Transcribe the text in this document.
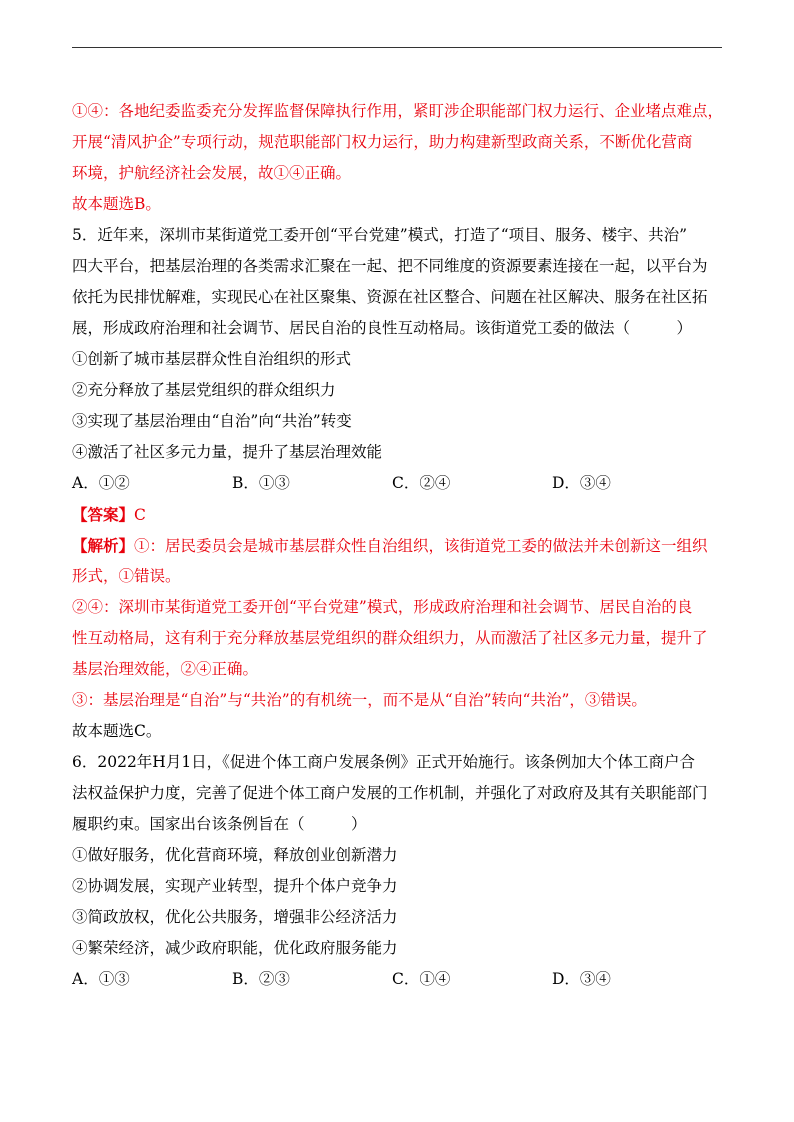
①④：各地纪委监委充分发挥监督保障执行作用，紧盯涉企职能部门权力运行、企业堵点难点，
开展“清风护企”专项行动，规范职能部门权力运行，助力构建新型政商关系，不断优化营商
环境，护航经济社会发展，故①④正确。
故本题选B。
5．近年来，深圳市某街道党工委开创“平台党建”模式，打造了“项目、服务、楼宇、共治”
四大平台，把基层治理的各类需求汇聚在一起、把不同维度的资源要素连接在一起，以平台为
依托为民排忧解难，实现民心在社区聚集、资源在社区整合、问题在社区解决、服务在社区拓
展，形成政府治理和社会调节、居民自治的良性互动格局。该街道党工委的做法（　　　）
①创新了城市基层群众性自治组织的形式
②充分释放了基层党组织的群众组织力
③实现了基层治理由“自治”向“共治”转变
④激活了社区多元力量，提升了基层治理效能
A．①②	B．①③	C．②④	D．③④
【答案】C
【解析】①：居民委员会是城市基层群众性自治组织，该街道党工委的做法并未创新这一组织
形式，①错误。
②④：深圳市某街道党工委开创“平台党建”模式，形成政府治理和社会调节、居民自治的良
性互动格局，这有利于充分释放基层党组织的群众组织力，从而激活了社区多元力量，提升了
基层治理效能，②④正确。
③：基层治理是“自治”与“共治”的有机统一，而不是从“自治”转向“共治”，③错误。
故本题选C。
6．2022年H月1日，《促进个体工商户发展条例》正式开始施行。该条例加大个体工商户合
法权益保护力度，完善了促进个体工商户发展的工作机制，并强化了对政府及其有关职能部门
履职约束。国家出台该条例旨在（　　　）
①做好服务，优化营商环境，释放创业创新潜力
②协调发展，实现产业转型，提升个体户竞争力
③简政放权，优化公共服务，增强非公经济活力
④繁荣经济，减少政府职能，优化政府服务能力
A．①③	B．②③	C．①④	D．③④
